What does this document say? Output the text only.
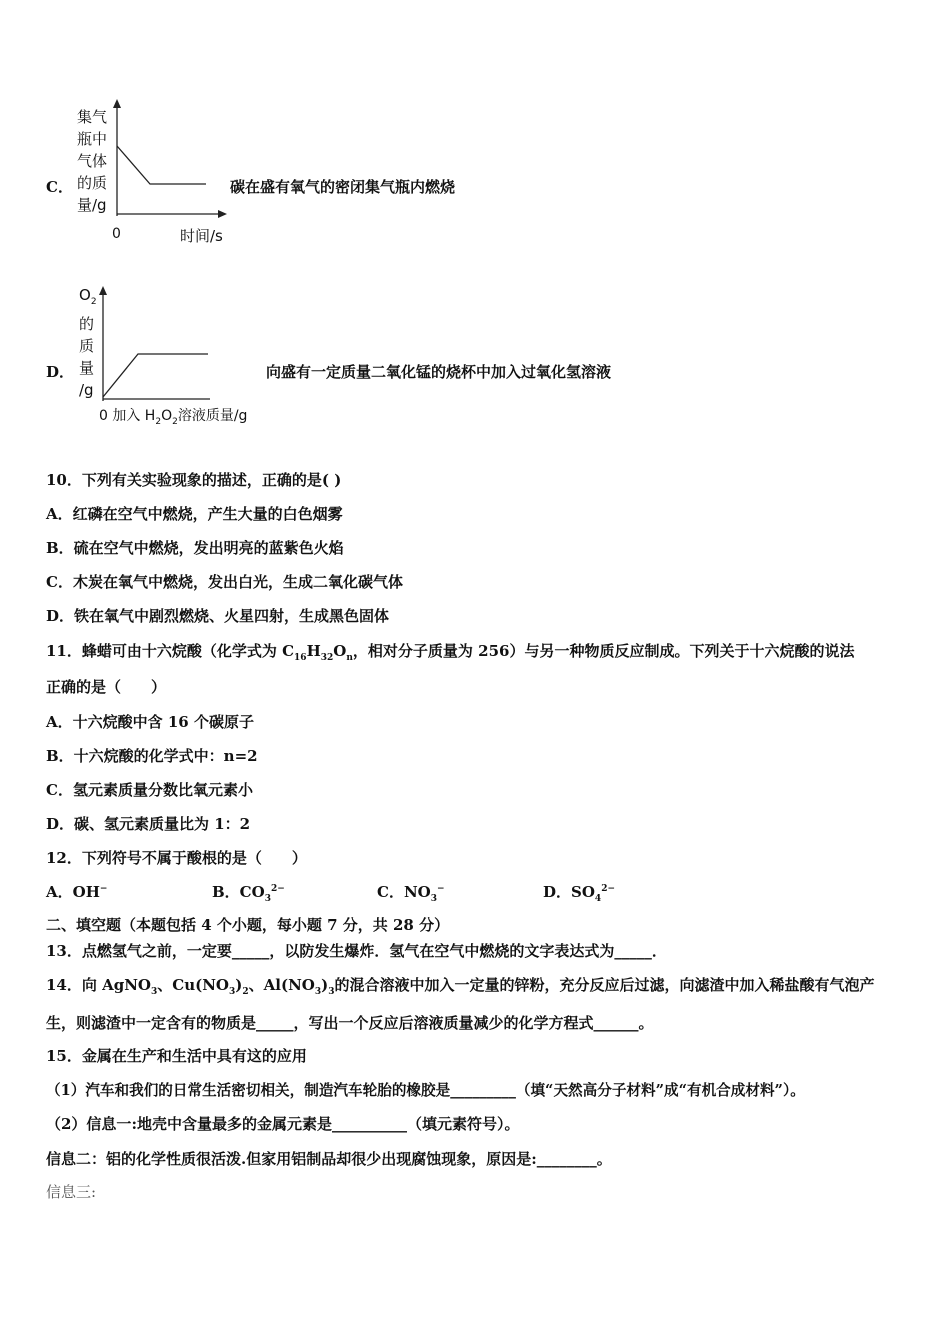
C．
集气
瓶中
气体
的质
量/g
0	时间/s
碳在盛有氧气的密闭集气瓶内燃烧
D．
$O_2$
的
质
量
/g
0 加入 $H_2O_2$溶液质量/g
向盛有一定质量二氧化锰的烧杯中加入过氧化氢溶液
10．下列有关实验现象的描述，正确的是( )
A．红磷在空气中燃烧，产生大量的白色烟雾
B．硫在空气中燃烧，发出明亮的蓝紫色火焰
C．木炭在氧气中燃烧，发出白光，生成二氧化碳气体
D．铁在氧气中剧烈燃烧、火星四射，生成黑色固体
11．蜂蜡可由十六烷酸（化学式为 $C_{16}H_{32}O_n$，相对分子质量为 256）与另一种物质反应制成。下列关于十六烷酸的说法
正确的是（　　）
A．十六烷酸中含 16 个碳原子
B．十六烷酸的化学式中：n=2
C．氢元素质量分数比氧元素小
D．碳、氢元素质量比为 1：2
12．下列符号不属于酸根的是（　　）
A．OH−	B．$CO_3^{2-}$	C．$NO_3^-$	D．$SO_4^{2-}$
二、填空题（本题包括 4 个小题，每小题 7 分，共 28 分）
13．点燃氢气之前，一定要_____，以防发生爆炸．氢气在空气中燃烧的文字表达式为_____．
14．向 AgNO$_3$、$Cu(NO_3)_2$、$Al(NO_3)_3$的混合溶液中加入一定量的锌粉，充分反应后过滤，向滤渣中加入稀盐酸有气泡产
生，则滤渣中一定含有的物质是_____，写出一个反应后溶液质量减少的化学方程式______。
15．金属在生产和生活中具有这的应用
（1）汽车和我们的日常生活密切相关，制造汽车轮胎的橡胶是_________（填“天然高分子材料”成“有机合成材料”）。
（2）信息一:地壳中含量最多的金属元素是__________（填元素符号）。
信息二：铝的化学性质很活泼.但家用铝制品却很少出现腐蚀现象，原因是:________。
信息三:
